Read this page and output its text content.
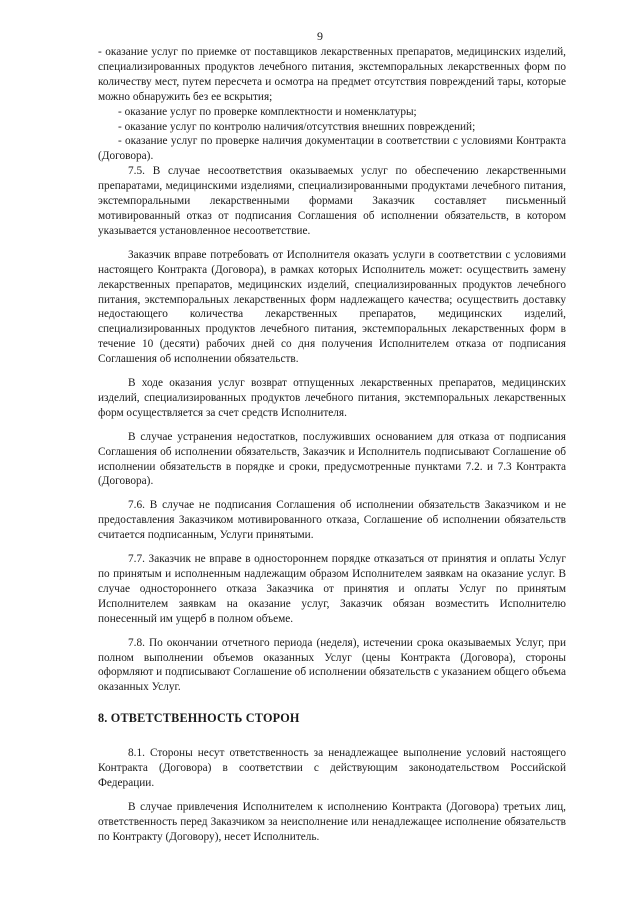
9

- оказание услуг по приемке от поставщиков лекарственных препаратов, медицинских изделий, специализированных продуктов лечебного питания, экстемпоральных лекарственных форм по количеству мест, путем пересчета и осмотра на предмет отсутствия повреждений тары, которые можно обнаружить без ее вскрытия;

- оказание услуг по проверке комплектности и номенклатуры;

- оказание услуг по контролю наличия/отсутствия внешних повреждений;

- оказание услуг по проверке наличия документации в соответствии с условиями Контракта (Договора).

7.5. В случае несоответствия оказываемых услуг по обеспечению лекарственными препаратами, медицинскими изделиями, специализированными продуктами лечебного питания, экстемпоральными лекарственными формами Заказчик составляет письменный мотивированный отказ от подписания Соглашения об исполнении обязательств, в котором указывается установленное несоответствие.

Заказчик вправе потребовать от Исполнителя оказать услуги в соответствии с условиями настоящего Контракта (Договора), в рамках которых Исполнитель может: осуществить замену лекарственных препаратов, медицинских изделий, специализированных продуктов лечебного питания, экстемпоральных лекарственных форм надлежащего качества; осуществить доставку недостающего количества лекарственных препаратов, медицинских изделий, специализированных продуктов лечебного питания, экстемпоральных лекарственных форм в течение 10 (десяти) рабочих дней со дня получения Исполнителем отказа от подписания Соглашения об исполнении обязательств.

В ходе оказания услуг возврат отпущенных лекарственных препаратов, медицинских изделий, специализированных продуктов лечебного питания, экстемпоральных лекарственных форм осуществляется за счет средств Исполнителя.

В случае устранения недостатков, послуживших основанием для отказа от подписания Соглашения об исполнении обязательств, Заказчик и Исполнитель подписывают Соглашение об исполнении обязательств в порядке и сроки, предусмотренные пунктами 7.2. и 7.3 Контракта (Договора).

7.6. В случае не подписания Соглашения об исполнении обязательств Заказчиком и не предоставления Заказчиком мотивированного отказа, Соглашение об исполнении обязательств считается подписанным, Услуги принятыми.

7.7. Заказчик не вправе в одностороннем порядке отказаться от принятия и оплаты Услуг по принятым и исполненным надлежащим образом Исполнителем заявкам на оказание услуг. В случае одностороннего отказа Заказчика от принятия и оплаты Услуг по принятым Исполнителем заявкам на оказание услуг, Заказчик обязан возместить Исполнителю понесенный им ущерб в полном объеме.

7.8. По окончании отчетного периода (неделя), истечении срока оказываемых Услуг, при полном выполнении объемов оказанных Услуг (цены Контракта (Договора), стороны оформляют и подписывают Соглашение об исполнении обязательств с указанием общего объема оказанных Услуг.

8. ОТВЕТСТВЕННОСТЬ СТОРОН

8.1. Стороны несут ответственность за ненадлежащее выполнение условий настоящего Контракта (Договора) в соответствии с действующим законодательством Российской Федерации.

В случае привлечения Исполнителем к исполнению Контракта (Договора) третьих лиц, ответственность перед Заказчиком за неисполнение или ненадлежащее исполнение обязательств по Контракту (Договору), несет Исполнитель.
